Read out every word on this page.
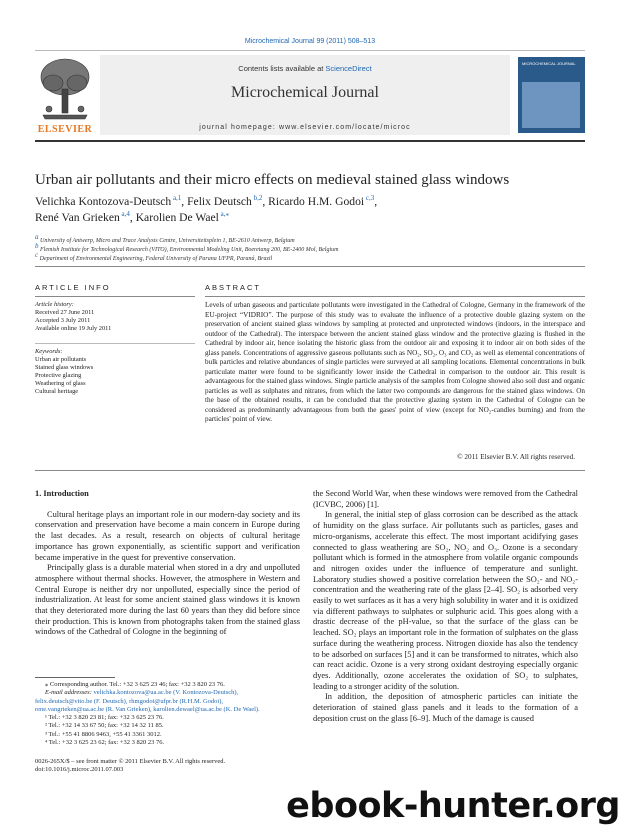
Microchemical Journal 99 (2011) 508–513
ELSEVIER
Contents lists available at ScienceDirect
Microchemical Journal
journal homepage: www.elsevier.com/locate/microc
MICROCHEMICAL JOURNAL
Urban air pollutants and their micro effects on medieval stained glass windows
Velichka Kontozova-Deutsch $^{a,1}$, Felix Deutsch $^{b,2}$, Ricardo H.M. Godoi $^{c,3}$,
René Van Grieken $^{a,4}$, Karolien De Wael $^{a,⁎}$
$^a$ University of Antwerp, Micro and Trace Analysis Centre, Universiteitsplein 1, BE-2610 Antwerp, Belgium
$^b$ Flemish Institute for Technological Research (VITO), Environmental Modeling Unit, Boeretang 200, BE-2400 Mol, Belgium
$^c$ Department of Environmental Engineering, Federal University of Parana UFPR, Paraná, Brazil
ARTICLE INFO	ABSTRACT
Article history:
Received 27 June 2011
Accepted 3 July 2011
Available online 19 July 2011
Keywords:
Urban air pollutants
Stained glass windows
Protective glazing
Weathering of glass
Cultural heritage
Levels of urban gaseous and particulate pollutants were investigated in the Cathedral of Cologne, Germany in the framework of the EU-project “VIDRIO”. The purpose of this study was to evaluate the influence of a protective double glazing system on the preservation of ancient stained glass windows by sampling at protected and unprotected windows (indoors, in the interspace and outdoor of the Cathedral). The interspace between the ancient stained glass window and the protective glazing is flushed in the Cathedral by indoor air, hence isolating the historic glass from the outdoor air and exposing it to indoor air on both sides of the glass panels. Concentrations of aggressive gaseous pollutants such as NO₂, SO₂, O₃ and CO₂ as well as elemental concentrations of bulk particles and relative abundances of single particles were surveyed at all sampling locations. Elemental concentrations in bulk particulate matter were found to be significantly lower inside the Cathedral in comparison to the outdoor air. This result is advantageous for the stained glass windows. Single particle analysis of the samples from Cologne showed also soil dust and organic particles as well as sulphates and nitrates, from which the latter two compounds are dangerous for the stained glass windows. On the base of the obtained results, it can be concluded that the protective glazing system in the Cathedral of Cologne can be considered as predominantly advantageous from both the gases' point of view (except for NO₂-candles burning) and from the particles' point of view.
© 2011 Elsevier B.V. All rights reserved.
1. Introduction

Cultural heritage plays an important role in our modern-day society and its conservation and preservation have become a main concern in Europe during the last decades. As a result, research on objects of cultural heritage importance has grown exponentially, as scientific support and verification became imperative in the quest for preventive conservation.

Principally glass is a durable material when stored in a dry and unpolluted atmosphere without thermal shocks. However, the atmosphere in Western and Central Europe is neither dry nor unpolluted, especially since the period of industrialization. At least for some ancient stained glass windows it is known that they deteriorated more during the last 60 years than they did before since their production. This is known from photographs taken from the stained glass windows of the Cathedral of Cologne in the beginning of

the Second World War, when these windows were removed from the Cathedral (ICVBC, 2006) [1].

In general, the initial step of glass corrosion can be described as the attack of humidity on the glass surface. Air pollutants such as particles, gases and micro-organisms, accelerate this effect. The most important acidifying gases connected to glass weathering are SO₂, NO₂ and O₃. Ozone is a secondary pollutant which is formed in the atmosphere from volatile organic compounds and nitrogen oxides under the influence of temperature and sunlight. Laboratory studies showed a positive correlation between the SO₂- and NO₂-concentration and the weathering rate of the glass [2–4]. SO₂ is adsorbed very easily to wet surfaces as it has a very high solubility in water and it is oxidized via different pathways to sulphates or sulphuric acid. This goes along with a drastic decrease of the pH-value, so that the surface of the glass can be leached. SO₂ plays an important role in the formation of sulphates on the glass surface during the weathering process. Nitrogen dioxide has also the tendency to be adsorbed on surfaces [5] and it can be transformed to nitrates, which also can react acidic. Ozone is a very strong oxidant destroying especially organic dyes. Additionally, ozone accelerates the oxidation of SO₂ to sulphates, leading to a stronger acidity of the solution.

In addition, the deposition of atmospheric particles can initiate the deterioration of stained glass panels and it leads to the formation of a deposition crust on the glass [6–9]. Much of the damage is caused

⁎ Corresponding author. Tel.: +32 3 625 23 46; fax: +32 3 820 23 76.
E-mail addresses: velichka.kontozova@ua.ac.be (V. Kontozova-Deutsch),
felix.deutsch@vito.be (F. Deutsch), rhmgodoi@ufpr.br (R.H.M. Godoi),
rene.vangrieken@ua.ac.be (R. Van Grieken), karolien.dewael@ua.ac.be (K. De Wael).
¹ Tel.: +32 3 820 23 81; fax: +32 3 625 23 76.
² Tel.: +32 14 33 67 50; fax: +32 14 32 11 85.
³ Tel.: +55 41 8806 9463, +55 41 3361 3012.
⁴ Tel.: +32 3 625 23 62; fax: +32 3 820 23 76.
0026-265X/$ – see front matter © 2011 Elsevier B.V. All rights reserved.
doi:10.1016/j.microc.2011.07.003
ebook-hunter.org
